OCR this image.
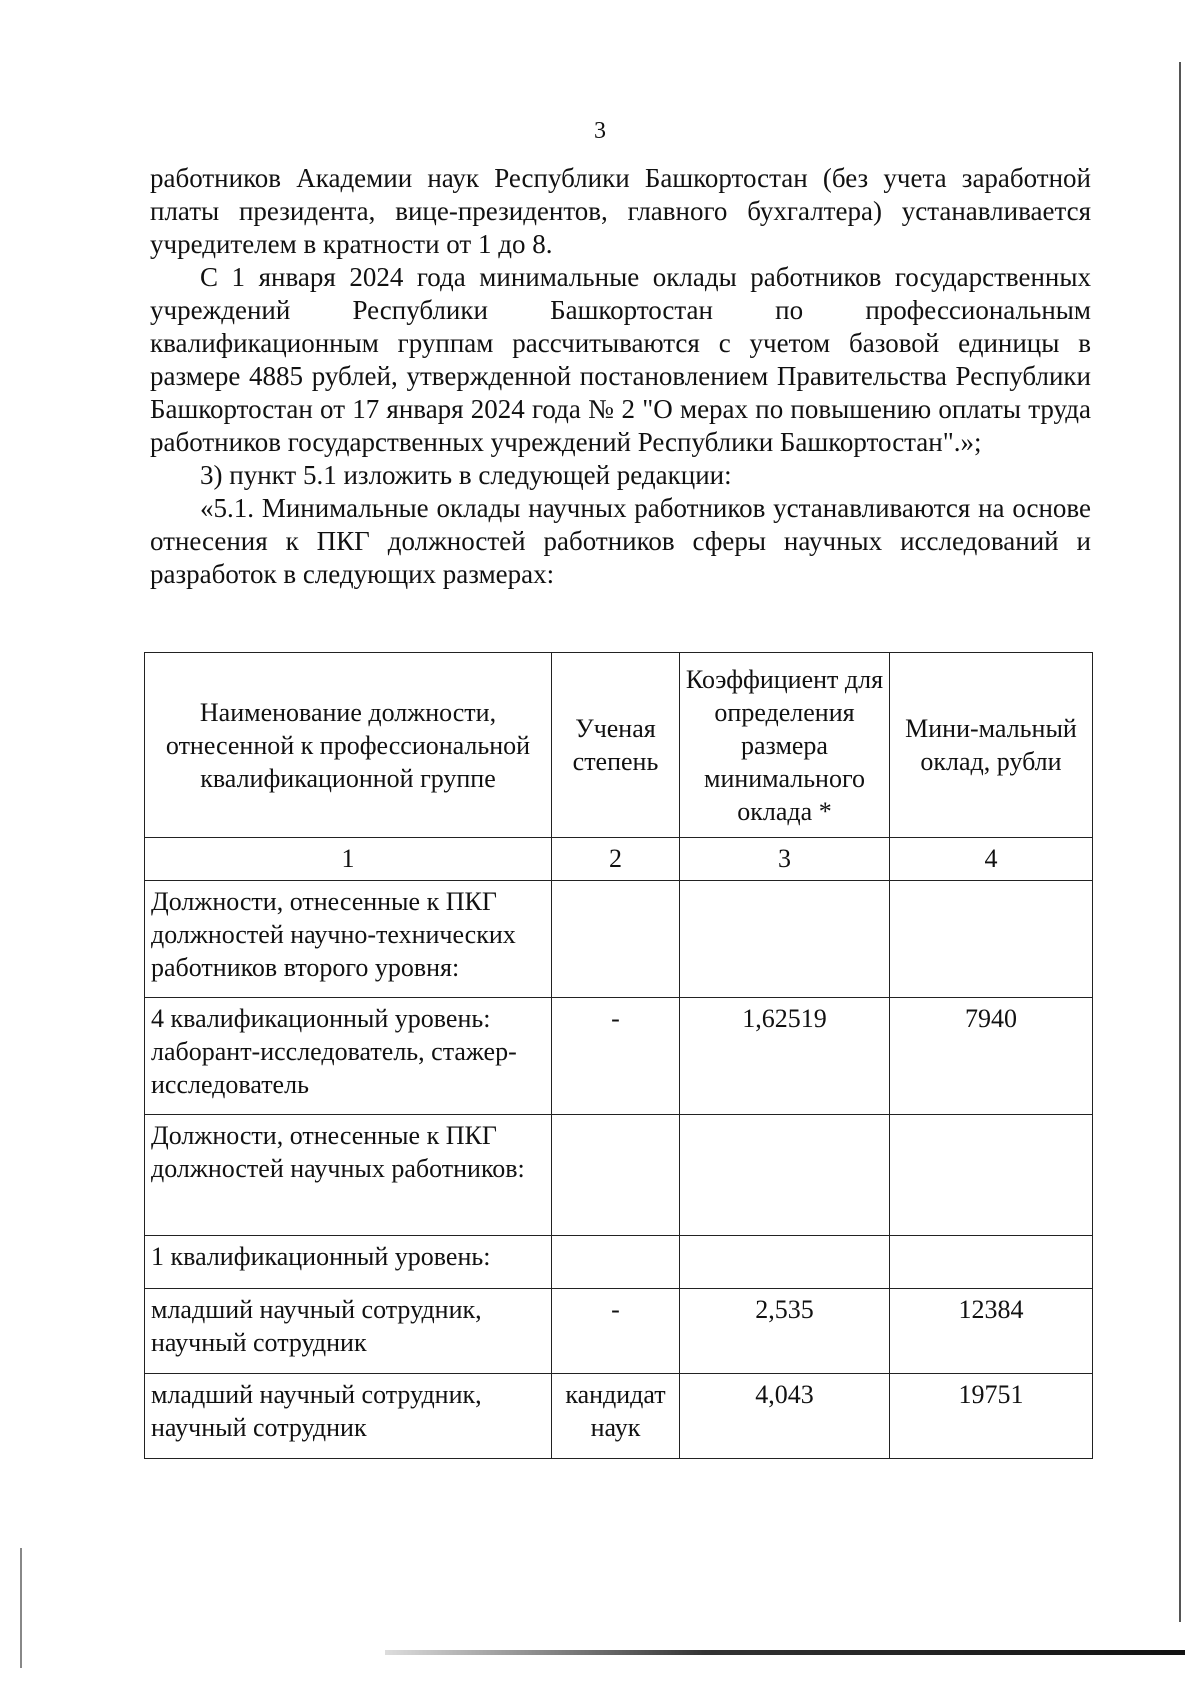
3

работников Академии наук Республики Башкортостан (без учета заработной платы президента, вице-президентов, главного бухгалтера) устанавливается учредителем в кратности от 1 до 8.

С 1 января 2024 года минимальные оклады работников государственных учреждений Республики Башкортостан по профессиональным квалификационным группам рассчитываются с учетом базовой единицы в размере 4885 рублей, утвержденной постановлением Правительства Республики Башкортостан от 17 января 2024 года № 2 "О мерах по повышению оплаты труда работников государственных учреждений Республики Башкортостан".»;

3) пункт 5.1 изложить в следующей редакции:

«5.1. Минимальные оклады научных работников устанавливаются на основе отнесения к ПКГ должностей работников сферы научных исследований и разработок в следующих размерах:

Наименование должности, отнесенной к профессиональной квалификационной группе	Ученая степень	Коэффициент для определения размера минимального оклада *	Мини-мальный оклад, рубли
1	2	3	4
Должности, отнесенные к ПКГ должностей научно-технических работников второго уровня:			
4 квалификационный уровень: лаборант-исследователь, стажер-исследователь	-	1,62519	7940
Должности, отнесенные к ПКГ должностей научных работников:			
1 квалификационный уровень:			
младший научный сотрудник, научный сотрудник	-	2,535	12384
младший научный сотрудник, научный сотрудник	кандидат наук	4,043	19751
